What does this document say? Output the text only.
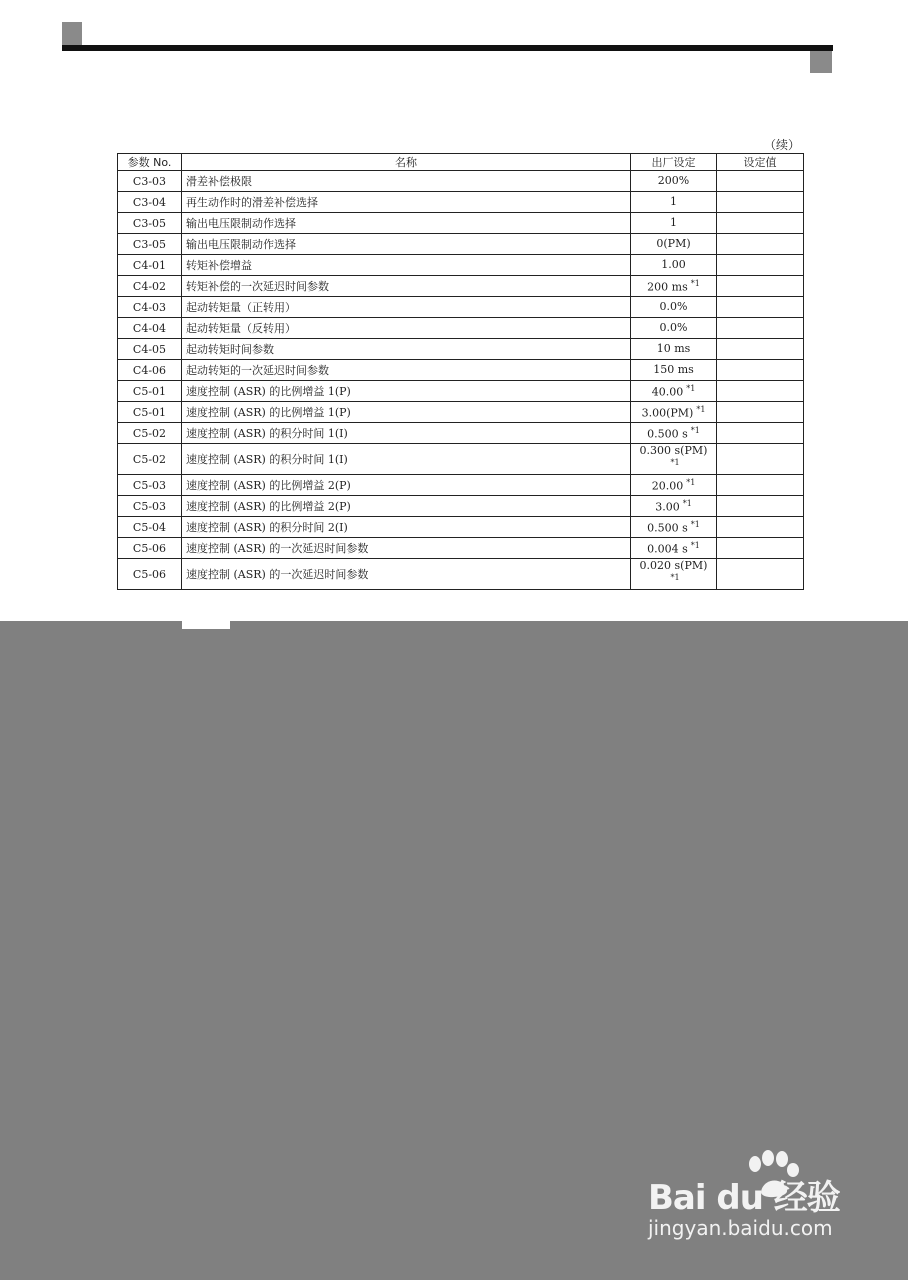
（续）
参数 No.	名称	出厂设定	设定值
C3-03	滑差补偿极限	200%	
C3-04	再生动作时的滑差补偿选择	1	
C3-05	输出电压限制动作选择	1	
C3-05	输出电压限制动作选择	0(PM)	
C4-01	转矩补偿增益	1.00	
C4-02	转矩补偿的一次延迟时间参数	200 ms $^{*1}$	
C4-03	起动转矩量（正转用）	0.0%	
C4-04	起动转矩量（反转用）	0.0%	
C4-05	起动转矩时间参数	10 ms	
C4-06	起动转矩的一次延迟时间参数	150 ms	
C5-01	速度控制 (ASR) 的比例增益 1(P)	40.00 $^{*1}$	
C5-01	速度控制 (ASR) 的比例增益 1(P)	3.00(PM) $^{*1}$	
C5-02	速度控制 (ASR) 的积分时间 1(I)	0.500 s $^{*1}$	
C5-02	速度控制 (ASR) 的积分时间 1(I)	0.300 s(PM)
$^{*1}$	
C5-03	速度控制 (ASR) 的比例增益 2(P)	20.00 $^{*1}$	
C5-03	速度控制 (ASR) 的比例增益 2(P)	3.00 $^{*1}$	
C5-04	速度控制 (ASR) 的积分时间 2(I)	0.500 s $^{*1}$	
C5-06	速度控制 (ASR) 的一次延迟时间参数	0.004 s $^{*1}$	
C5-06	速度控制 (ASR) 的一次延迟时间参数	0.020 s(PM)
$^{*1}$	
Bai du 经验
jingyan.baidu.com
